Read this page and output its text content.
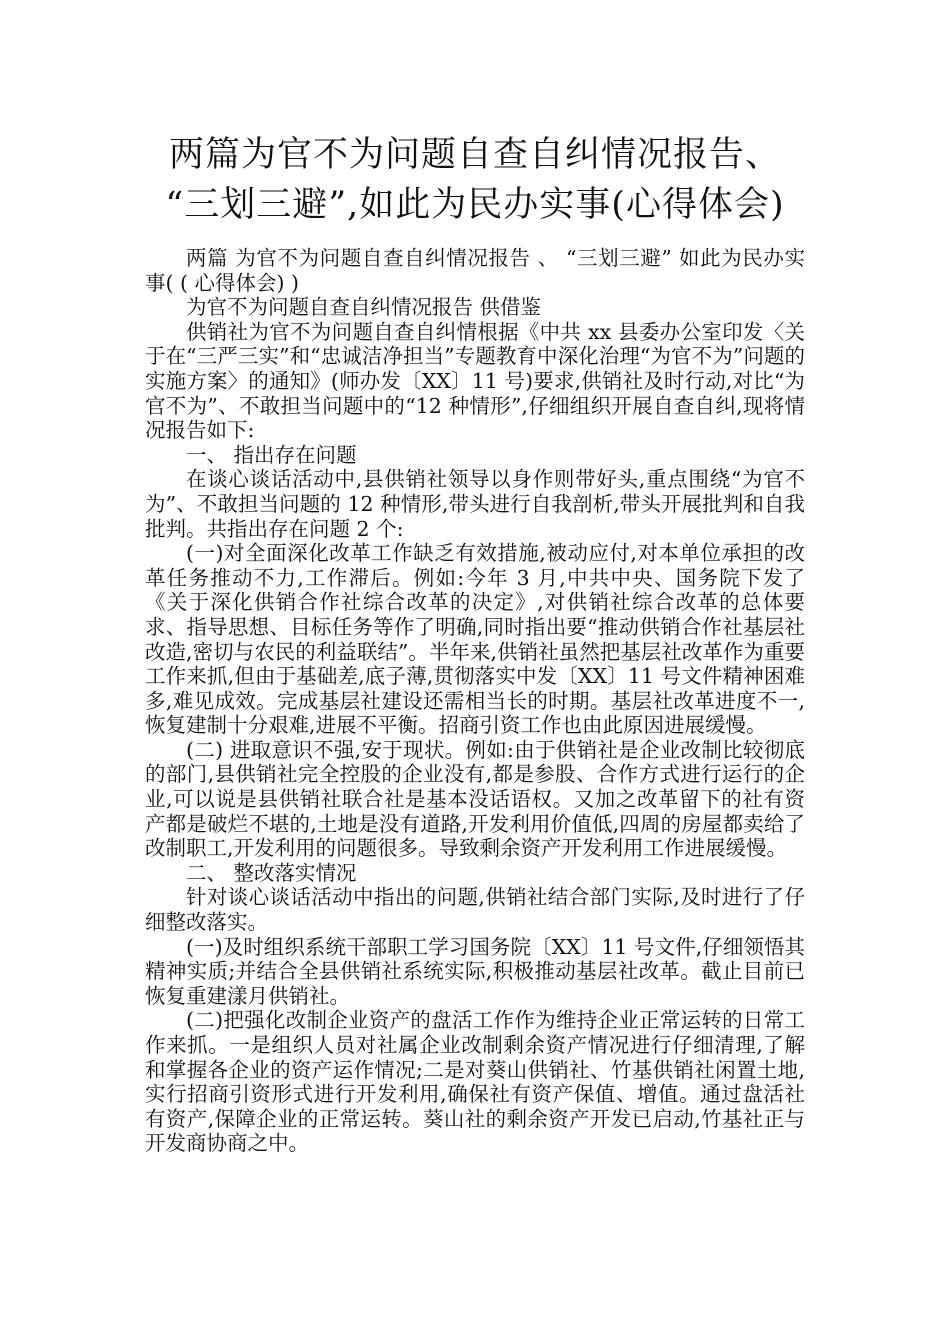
两篇为官不为问题自查自纠情况报告、
“三划三避”,如此为民办实事(心得体会)

两篇 为官不为问题自查自纠情况报告 、 “三划三避” 如此为民办实事( ( 心得体会) )

为官不为问题自查自纠情况报告 供借鉴

供销社为官不为问题自查自纠情根据《中共 xx 县委办公室印发〈关于在“三严三实”和“忠诚洁净担当”专题教育中深化治理“为官不为”问题的实施方案〉的通知》(师办发〔XX〕11 号)要求,供销社及时行动,对比“为官不为”、不敢担当问题中的“12 种情形”,仔细组织开展自查自纠,现将情况报告如下:

一、 指出存在问题

在谈心谈话活动中,县供销社领导以身作则带好头,重点围绕“为官不为”、不敢担当问题的 12 种情形,带头进行自我剖析,带头开展批判和自我批判。共指出存在问题 2 个:

(一)对全面深化改革工作缺乏有效措施,被动应付,对本单位承担的改革任务推动不力,工作滞后。例如:今年 3 月,中共中央、国务院下发了《关于深化供销合作社综合改革的决定》,对供销社综合改革的总体要求、指导思想、目标任务等作了明确,同时指出要“推动供销合作社基层社改造,密切与农民的利益联结”。半年来,供销社虽然把基层社改革作为重要工作来抓,但由于基础差,底子薄,贯彻落实中发〔XX〕11 号文件精神困难多,难见成效。完成基层社建设还需相当长的时期。基层社改革进度不一,恢复建制十分艰难,进展不平衡。招商引资工作也由此原因进展缓慢。

(二) 进取意识不强,安于现状。例如:由于供销社是企业改制比较彻底的部门,县供销社完全控股的企业没有,都是参股、合作方式进行运行的企业,可以说是县供销社联合社是基本没话语权。又加之改革留下的社有资产都是破烂不堪的,土地是没有道路,开发利用价值低,四周的房屋都卖给了改制职工,开发利用的问题很多。导致剩余资产开发利用工作进展缓慢。

二、 整改落实情况

针对谈心谈话活动中指出的问题,供销社结合部门实际,及时进行了仔细整改落实。

(一)及时组织系统干部职工学习国务院〔XX〕11 号文件,仔细领悟其精神实质;并结合全县供销社系统实际,积极推动基层社改革。截止目前已恢复重建漾月供销社。

(二)把强化改制企业资产的盘活工作作为维持企业正常运转的日常工作来抓。一是组织人员对社属企业改制剩余资产情况进行仔细清理,了解和掌握各企业的资产运作情况;二是对葵山供销社、竹基供销社闲置土地,实行招商引资形式进行开发利用,确保社有资产保值、增值。通过盘活社有资产,保障企业的正常运转。葵山社的剩余资产开发已启动,竹基社正与开发商协商之中。
